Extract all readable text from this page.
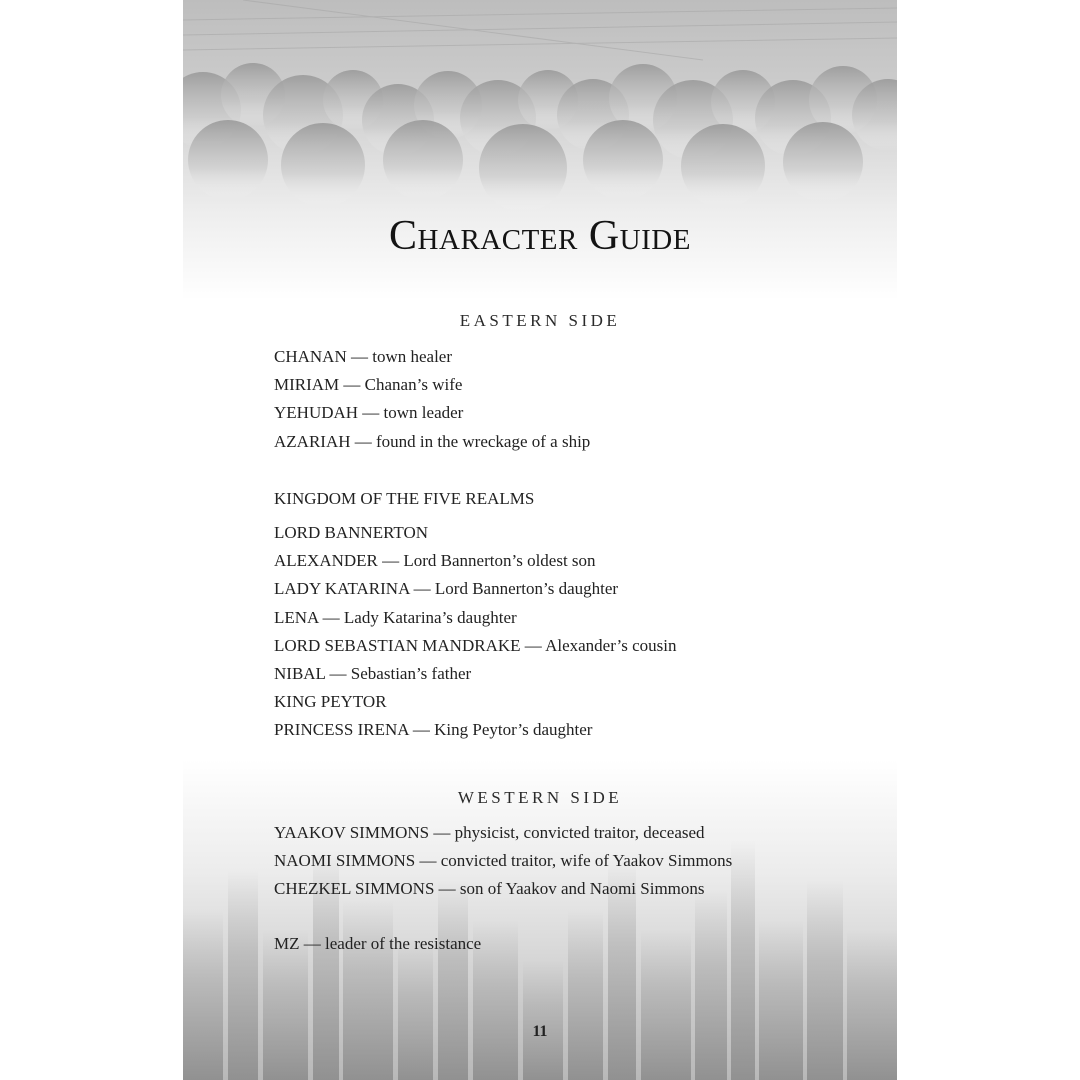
Character Guide
EASTERN SIDE
CHANAN — town healer
MIRIAM — Chanan’s wife
YEHUDAH — town leader
AZARIAH — found in the wreckage of a ship
KINGDOM OF THE FIVE REALMS
LORD BANNERTON
ALEXANDER — Lord Bannerton’s oldest son
LADY KATARINA — Lord Bannerton’s daughter
LENA — Lady Katarina’s daughter
LORD SEBASTIAN MANDRAKE — Alexander’s cousin
NIBAL — Sebastian’s father
KING PEYTOR
PRINCESS IRENA — King Peytor’s daughter
WESTERN SIDE
YAAKOV SIMMONS — physicist, convicted traitor, deceased
NAOMI SIMMONS — convicted traitor, wife of Yaakov Simmons
CHEZKEL SIMMONS — son of Yaakov and Naomi Simmons

MZ — leader of the resistance

11
